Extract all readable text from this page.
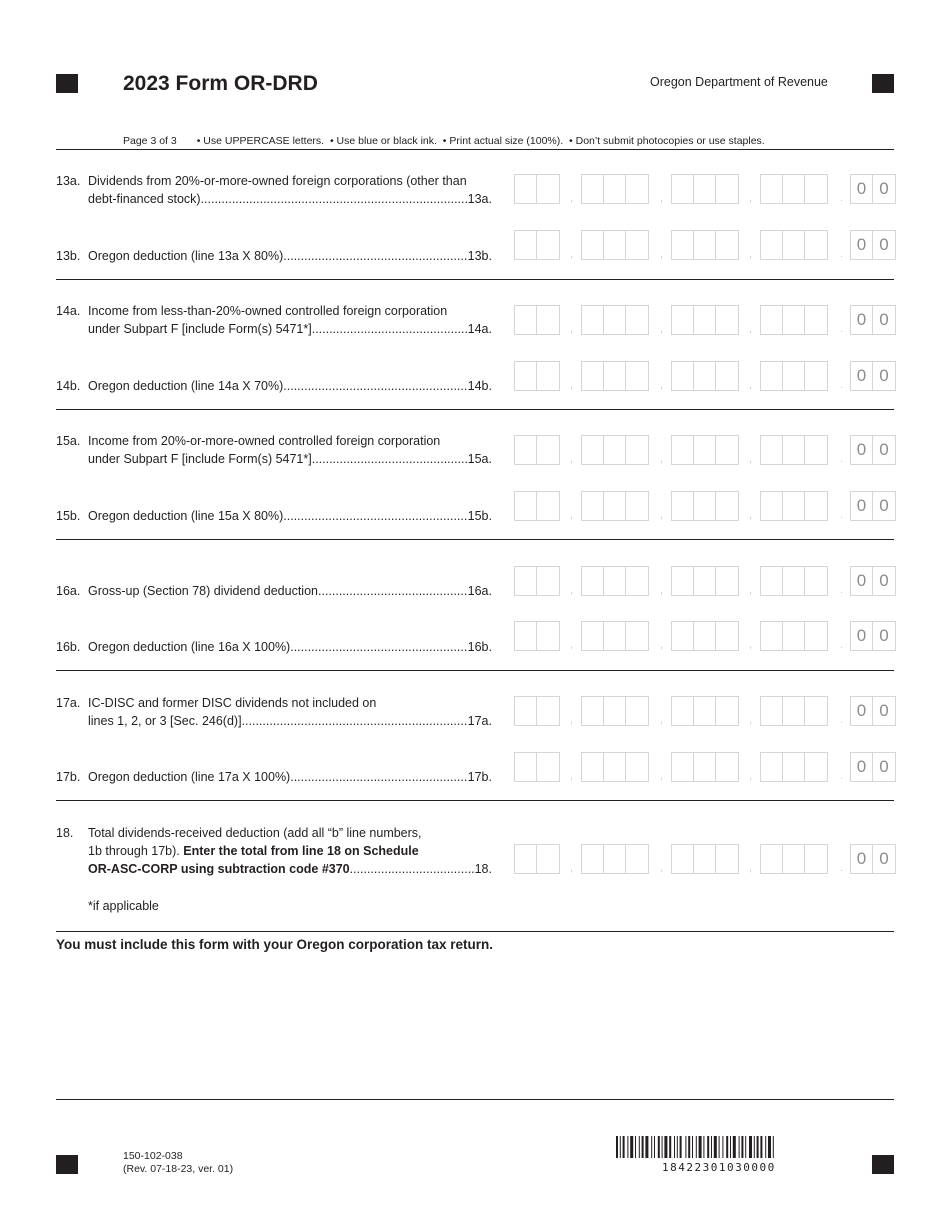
2023 Form OR-DRD	Oregon Department of Revenue
Page 3 of 3 • Use UPPERCASE letters. • Use blue or black ink. • Print actual size (100%). • Don’t submit photocopies or use staples.
13a. Dividends from 20%-or-more-owned foreign corporations (other than
debt-financed stock) .....	13a.	,	,	,	. 0 0
13b. Oregon deduction (line 13a X 80%) .....	13b.	,	,	,	. 0 0
14a. Income from less-than-20%-owned controlled foreign corporation
under Subpart F [include Form(s) 5471*] .....	14a.	,	,	,	. 0 0
14b. Oregon deduction (line 14a X 70%) .....	14b.	,	,	,	. 0 0
15a. Income from 20%-or-more-owned controlled foreign corporation
under Subpart F [include Form(s) 5471*] .....	15a.	,	,	,	. 0 0
15b. Oregon deduction (line 15a X 80%) .....	15b.	,	,	,	. 0 0
16a. Gross-up (Section 78) dividend deduction .....	16a.	,	,	,	. 0 0
16b. Oregon deduction (line 16a X 100%) .....	16b.	,	,	,	. 0 0
17a. IC-DISC and former DISC dividends not included on
lines 1, 2, or 3 [Sec. 246(d)] .....	17a.	,	,	,	. 0 0
17b. Oregon deduction (line 17a X 100%) .....	17b.	,	,	,	. 0 0
18. Total dividends-received deduction (add all “b” line numbers,
1b through 17b). Enter the total from line 18 on Schedule
OR-ASC-CORP using subtraction code #370 .....	18.	,	,	,	. 0 0
*if applicable
You must include this form with your Oregon corporation tax return.
150-102-038
(Rev. 07-18-23, ver. 01)	18422301030000
